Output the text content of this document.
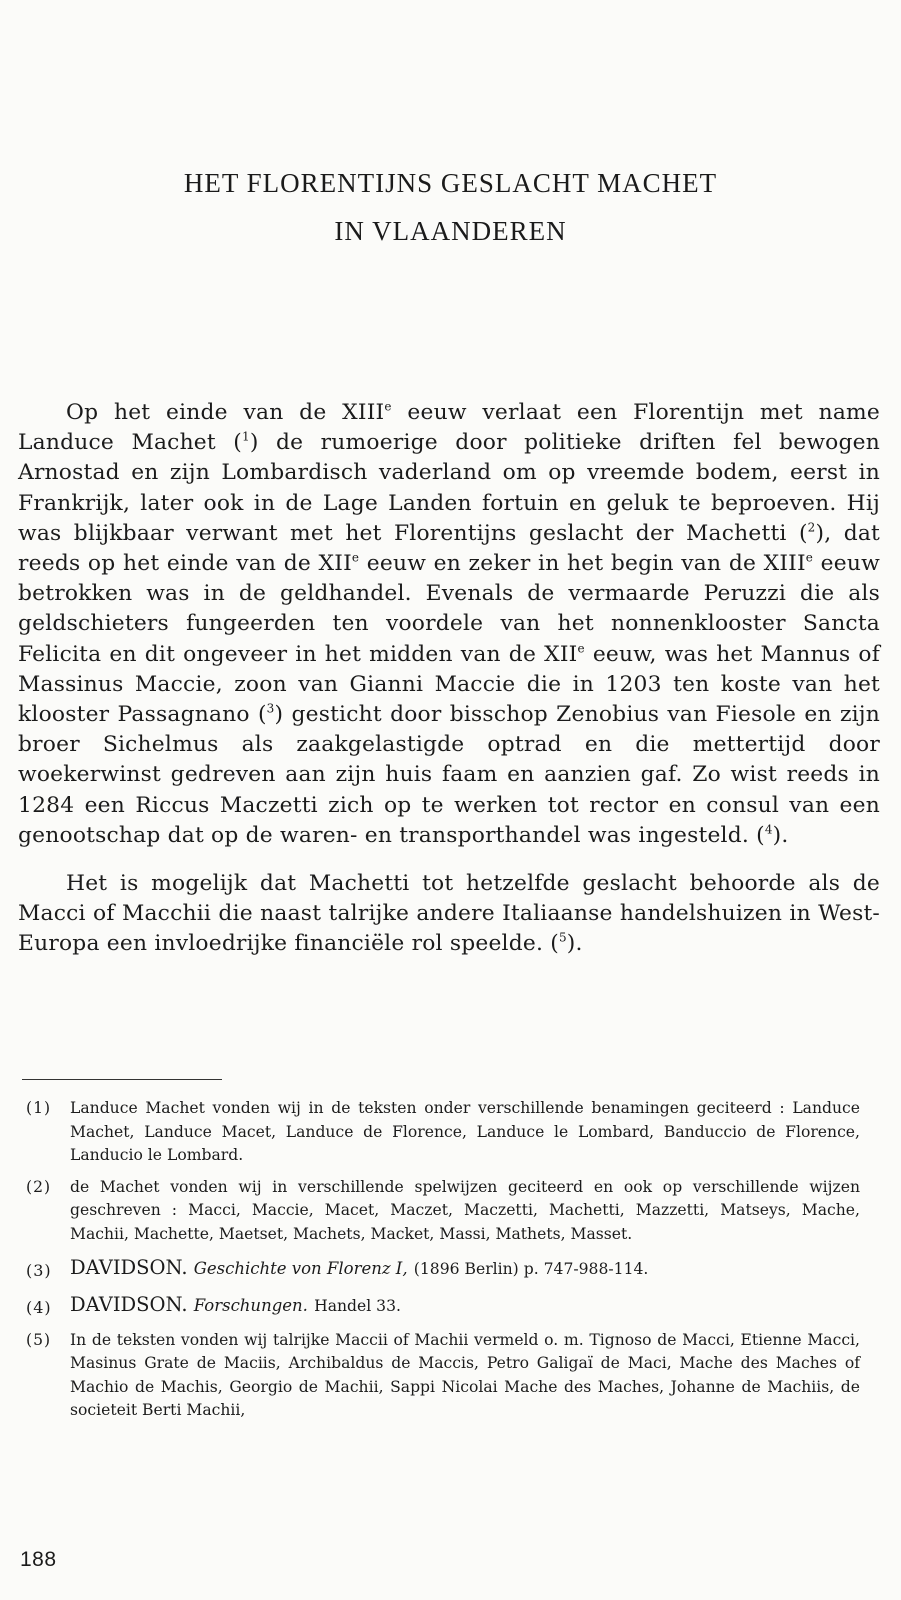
HET FLORENTIJNS GESLACHT MACHET
IN VLAANDEREN

Op het einde van de XIIIe eeuw verlaat een Florentijn met name Landuce Machet ($^1$) de rumoerige door politieke driften fel bewogen Arnostad en zijn Lombardisch vaderland om op vreemde bodem, eerst in Frankrijk, later ook in de Lage Landen fortuin en geluk te beproeven. Hij was blijkbaar verwant met het Florentijns geslacht der Machetti ($^2$), dat reeds op het einde van de XIIe eeuw en zeker in het begin van de XIIIe eeuw betrokken was in de geldhandel. Evenals de vermaarde Peruzzi die als geldschieters fungeerden ten voordele van het nonnenklooster Sancta Felicita en dit ongeveer in het midden van de XIIe eeuw, was het Mannus of Massinus Maccie, zoon van Gianni Maccie die in 1203 ten koste van het klooster Passagnano ($^3$) gesticht door bisschop Zenobius van Fiesole en zijn broer Sichelmus als zaakgelastigde optrad en die mettertijd door woekerwinst gedreven aan zijn huis faam en aanzien gaf. Zo wist reeds in 1284 een Riccus Maczetti zich op te werken tot rector en consul van een genootschap dat op de waren- en transporthandel was ingesteld. ($^4$).

Het is mogelijk dat Machetti tot hetzelfde geslacht behoorde als de Macci of Macchii die naast talrijke andere Italiaanse handelshuizen in West-Europa een invloedrijke financiële rol speelde. ($^5$).

(1)	Landuce Machet vonden wij in de teksten onder verschillende benamingen geciteerd : Landuce Machet, Landuce Macet, Landuce de Florence, Landuce le Lombard, Banduccio de Florence, Landucio le Lombard.
(2)	de Machet vonden wij in verschillende spelwijzen geciteerd en ook op verschillende wijzen geschreven : Macci, Maccie, Macet, Maczet, Maczetti, Machetti, Mazzetti, Matseys, Mache, Machii, Machette, Maetset, Machets, Macket, Massi, Mathets, Masset.
(3) DAVIDSON. Geschichte von Florenz I, (1896 Berlin) p. 747-988-114.
(4) DAVIDSON. Forschungen. Handel 33.
(5)	In de teksten vonden wij talrijke Maccii of Machii vermeld o. m. Tignoso de Macci, Etienne Macci, Masinus Grate de Maciis, Archibaldus de Maccis, Petro Galigaï de Maci, Mache des Maches of Machio de Machis, Georgio de Machii, Sappi Nicolai Mache des Maches, Johanne de Machiis, de societeit Berti Machii,
188
